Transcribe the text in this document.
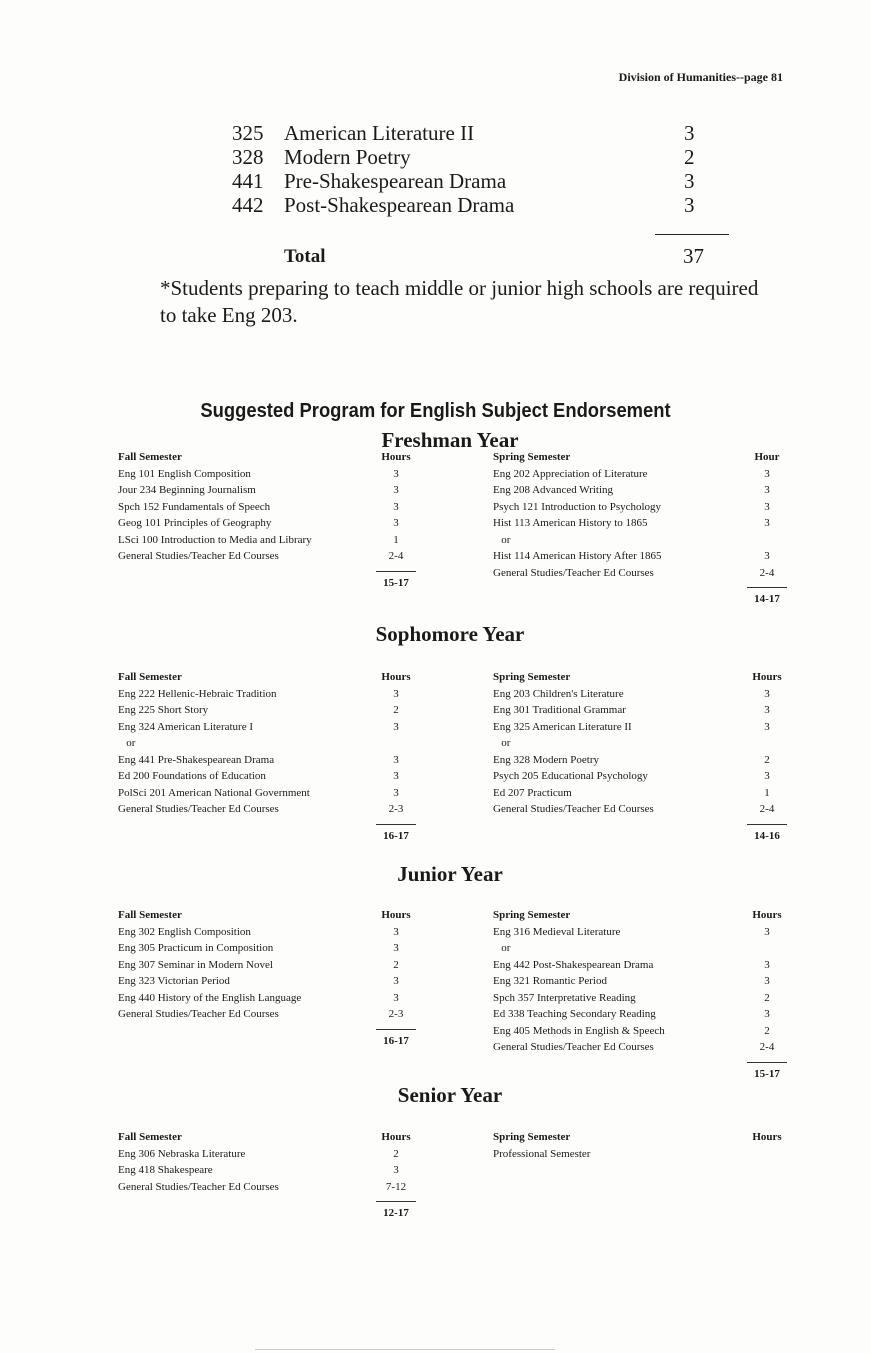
Division of Humanities--page 81
325 American Literature II	3
328 Modern Poetry	2
441 Pre-Shakespearean Drama	3
442 Post-Shakespearean Drama	3
Total	37
*Students preparing to teach middle or junior high schools are required to take Eng 203.
Suggested Program for English Subject Endorsement
Freshman Year
Fall Semester	Hours
Eng 101 English Composition	3
Jour 234 Beginning Journalism	3
Spch 152 Fundamentals of Speech	3
Geog 101 Principles of Geography	3
LSci 100 Introduction to Media and Library	1
General Studies/Teacher Ed Courses	2-4
15-17
Spring Semester	Hour
Eng 202 Appreciation of Literature	3
Eng 208 Advanced Writing	3
Psych 121 Introduction to Psychology	3
Hist 113 American History to 1865	3
or
Hist 114 American History After 1865	3
General Studies/Teacher Ed Courses	2-4
14-17
Sophomore Year
Fall Semester	Hours
Eng 222 Hellenic-Hebraic Tradition	3
Eng 225 Short Story	2
Eng 324 American Literature I	3
or
Eng 441 Pre-Shakespearean Drama	3
Ed 200 Foundations of Education	3
PolSci 201 American National Government	3
General Studies/Teacher Ed Courses	2-3
16-17
Spring Semester	Hours
Eng 203 Children's Literature	3
Eng 301 Traditional Grammar	3
Eng 325 American Literature II	3
or
Eng 328 Modern Poetry	2
Psych 205 Educational Psychology	3
Ed 207 Practicum	1
General Studies/Teacher Ed Courses	2-4
14-16
Junior Year
Fall Semester	Hours
Eng 302 English Composition	3
Eng 305 Practicum in Composition	3
Eng 307 Seminar in Modern Novel	2
Eng 323 Victorian Period	3
Eng 440 History of the English Language	3
General Studies/Teacher Ed Courses	2-3
16-17
Spring Semester	Hours
Eng 316 Medieval Literature	3
or
Eng 442 Post-Shakespearean Drama	3
Eng 321 Romantic Period	3
Spch 357 Interpretative Reading	2
Ed 338 Teaching Secondary Reading	3
Eng 405 Methods in English & Speech	2
General Studies/Teacher Ed Courses	2-4
15-17
Senior Year
Fall Semester	Hours
Eng 306 Nebraska Literature	2
Eng 418 Shakespeare	3
General Studies/Teacher Ed Courses	7-12
12-17
Spring Semester	Hours
Professional Semester
